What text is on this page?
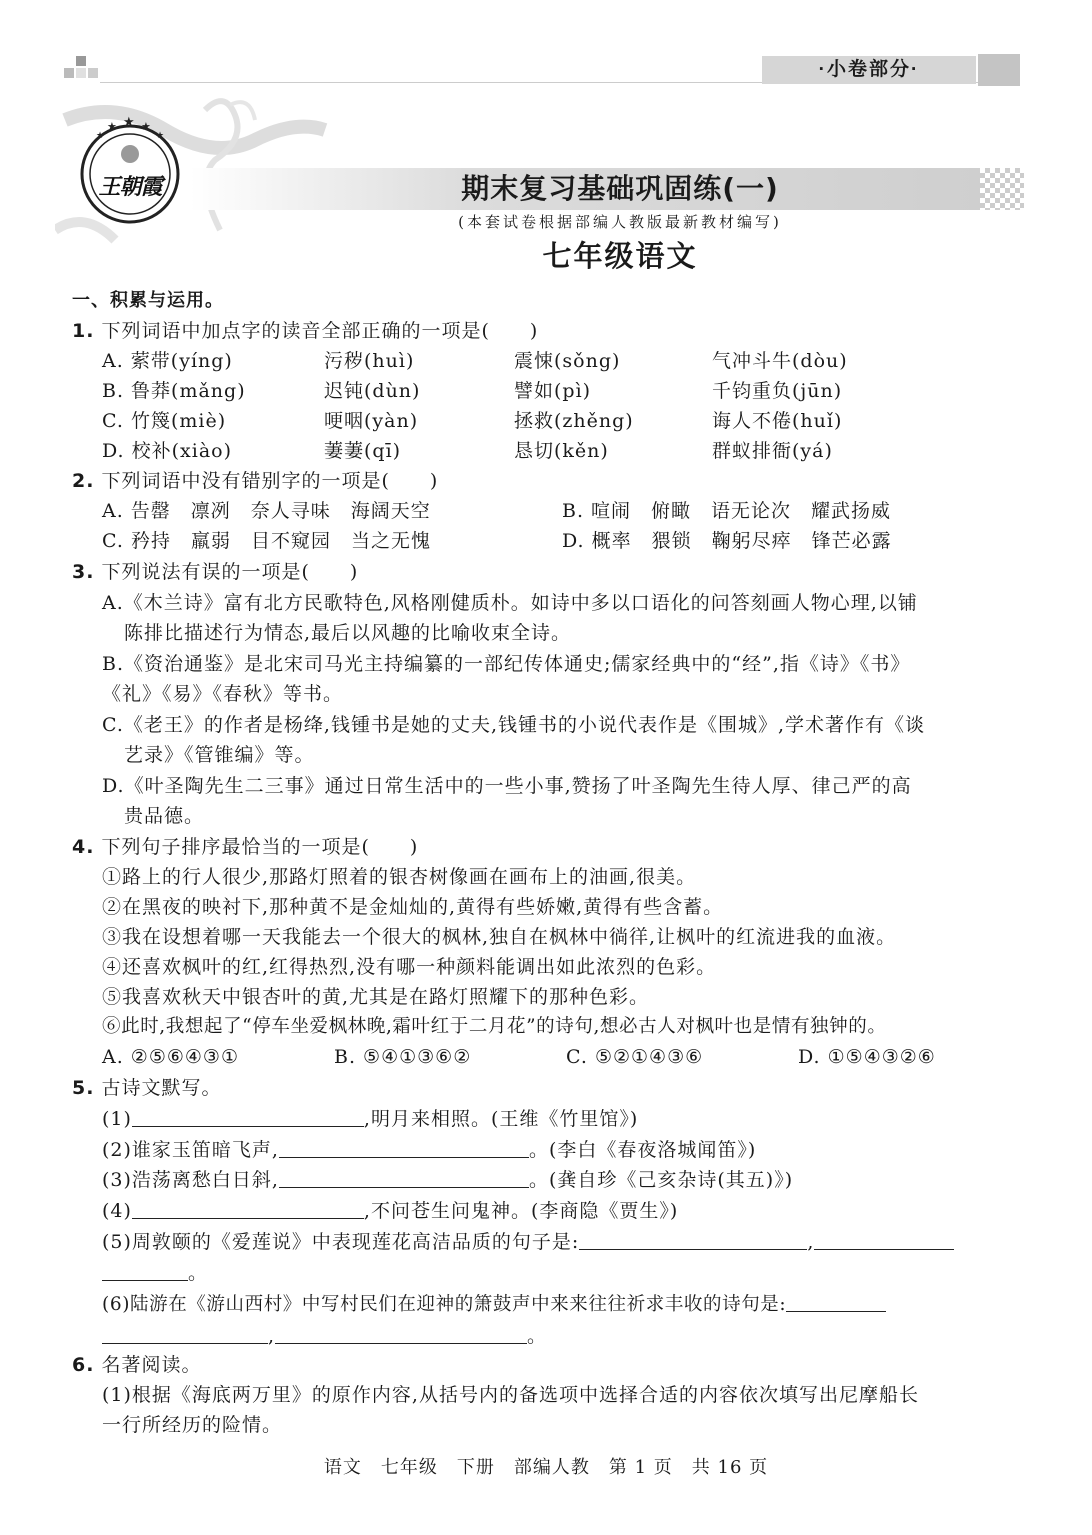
·小卷部分·
★ ★ ★
★	★
王朝霞	期末复习基础巩固练(一)
(本套试卷根据部编人教版最新教材编写)
七年级语文
一、积累与运用。
1. 下列词语中加点字的读音全部正确的一项是(　　)
A. 萦带(yíng)	污秽(huì)	震悚(sǒng)	气冲斗牛(dòu)
B. 鲁莽(mǎng)	迟钝(dùn)	譬如(pì)	千钧重负(jūn)
C. 竹篾(miè)	哽咽(yàn)	拯救(zhěng)	诲人不倦(huǐ)
D. 校补(xiào)	萋萋(qī)	恳切(kěn)	群蚁排衙(yá)
2. 下列词语中没有错别字的一项是(　　)
A. 告罄　凛冽　奈人寻味　海阔天空	B. 喧闹　俯瞰　语无论次　耀武扬威
C. 矜持　羸弱　目不窥园　当之无愧	D. 概率　猥锁　鞠躬尽瘁　锋芒必露
3. 下列说法有误的一项是(　　)
A.《木兰诗》富有北方民歌特色,风格刚健质朴。如诗中多以口语化的问答刻画人物心理,以铺
陈排比描述行为情态,最后以风趣的比喻收束全诗。
B.《资治通鉴》是北宋司马光主持编纂的一部纪传体通史;儒家经典中的“经”,指《诗》《书》
《礼》《易》《春秋》等书。
C.《老王》的作者是杨绛,钱锺书是她的丈夫,钱锺书的小说代表作是《围城》,学术著作有《谈
艺录》《管锥编》等。
D.《叶圣陶先生二三事》通过日常生活中的一些小事,赞扬了叶圣陶先生待人厚、律己严的高
贵品德。
4. 下列句子排序最恰当的一项是(　　)
①路上的行人很少,那路灯照着的银杏树像画在画布上的油画,很美。
②在黑夜的映衬下,那种黄不是金灿灿的,黄得有些娇嫩,黄得有些含蓄。
③我在设想着哪一天我能去一个很大的枫林,独自在枫林中徜徉,让枫叶的红流进我的血液。
④还喜欢枫叶的红,红得热烈,没有哪一种颜料能调出如此浓烈的色彩。
⑤我喜欢秋天中银杏叶的黄,尤其是在路灯照耀下的那种色彩。
⑥此时,我想起了“停车坐爱枫林晚,霜叶红于二月花”的诗句,想必古人对枫叶也是情有独钟的。
A. ②⑤⑥④③①	B. ⑤④①③⑥②	C. ⑤②①④③⑥	D. ①⑤④③②⑥
5. 古诗文默写。
(1)	,明月来相照。(王维《竹里馆》)
(2)谁家玉笛暗飞声,	。(李白《春夜洛城闻笛》)
(3)浩荡离愁白日斜,	。(龚自珍《己亥杂诗(其五)》)
(4)	,不问苍生问鬼神。(李商隐《贾生》)
(5)周敦颐的《爱莲说》中表现莲花高洁品质的句子是:	,
。
(6)陆游在《游山西村》中写村民们在迎神的箫鼓声中来来往往祈求丰收的诗句是:
,	。
6. 名著阅读。
(1)根据《海底两万里》的原作内容,从括号内的备选项中选择合适的内容依次填写出尼摩船长
一行所经历的险情。
语文　七年级　下册　部编人教　第 1 页　共 16 页
